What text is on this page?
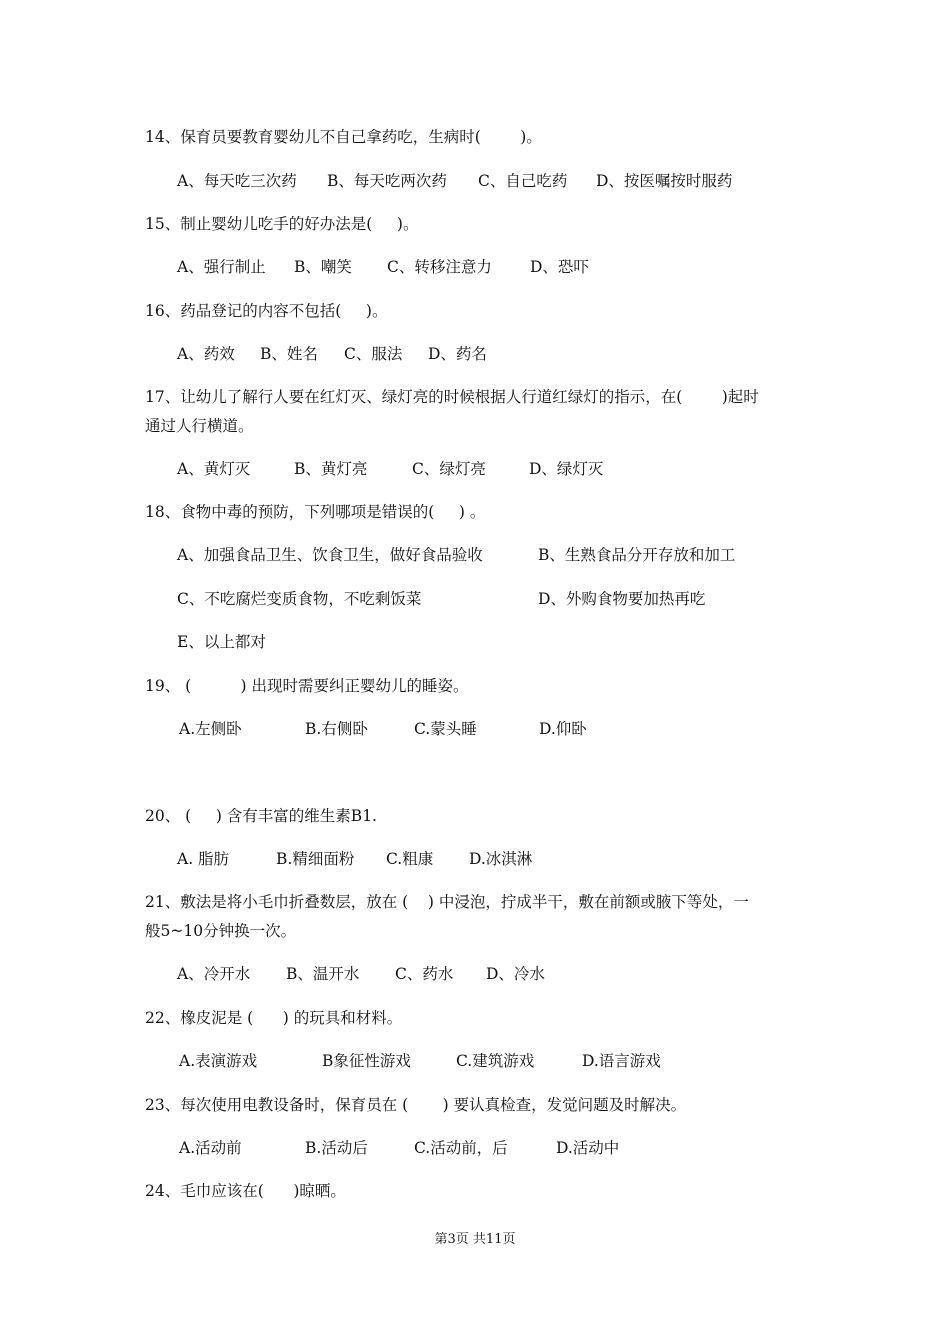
14、保育员要教育婴幼儿不自己拿药吃，生病时(        )。
A、每天吃三次药 B、每天吃两次药 C、自己吃药 D、按医嘱按时服药
15、制止婴幼儿吃手的好办法是(     )。
A、强行制止 B、嘲笑 C、转移注意力 D、恐吓
16、药品登记的内容不包括(     )。
A、药效 B、姓名 C、服法 D、药名
17、让幼儿了解行人要在红灯灭、绿灯亮的时候根据人行道红绿灯的指示，在(        )起时
通过人行横道。
A、黄灯灭	B、黄灯亮	C、绿灯亮	D、绿灯灭
18、食物中毒的预防，下列哪项是错误的(     ) 。
A、加强食品卫生、饮食卫生，做好食品验收	B、生熟食品分开存放和加工
C、不吃腐烂变质食物，不吃剩饭菜	D、外购食物要加热再吃
E、以上都对
19、 (          ) 出现时需要纠正婴幼儿的睡姿。
A.左侧卧	B.右侧卧	C.蒙头睡	D.仰卧
20、 (     ) 含有丰富的维生素B1.
A. 脂肪	B.精细面粉 C.粗康 D.冰淇淋
21、敷法是将小毛巾折叠数层，放在 (    ) 中浸泡，拧成半干，敷在前额或腋下等处，一
般5~10分钟换一次。
A、冷开水 B、温开水 C、药水 D、冷水
22、橡皮泥是 (      ) 的玩具和材料。
A.表演游戏	B象征性游戏	C.建筑游戏	D.语言游戏
23、每次使用电教设备时，保育员在 (       ) 要认真检查，发觉问题及时解决。
A.活动前	B.活动后	C.活动前，后	D.活动中
24、毛巾应该在(      )晾晒。
第3页 共11页
